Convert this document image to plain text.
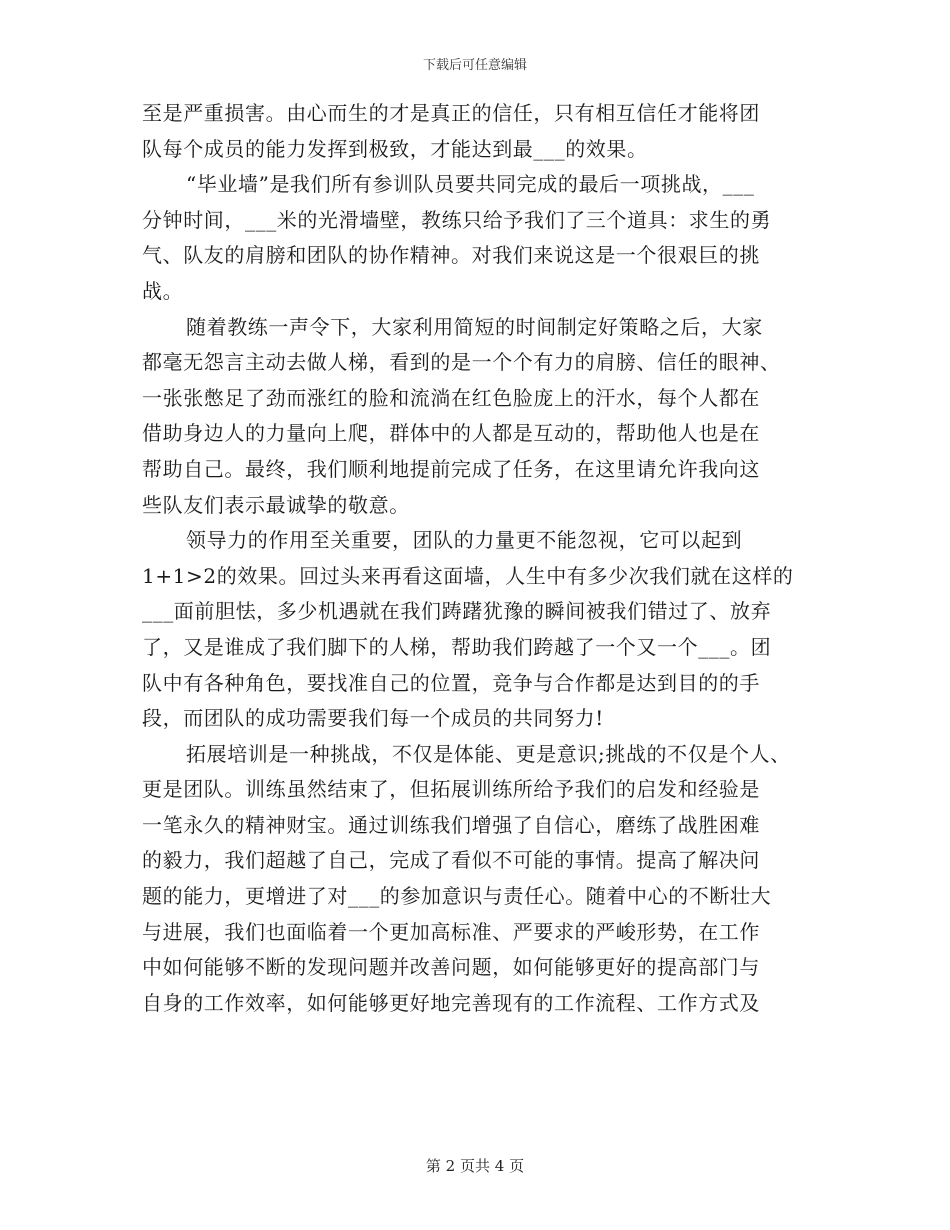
下载后可任意编辑
至是严重损害。由心而生的才是真正的信任，只有相互信任才能将团
队每个成员的能力发挥到极致，才能达到最___的效果。
“毕业墙”是我们所有参训队员要共同完成的最后一项挑战，___
分钟时间，___米的光滑墙壁，教练只给予我们了三个道具：求生的勇
气、队友的肩膀和团队的协作精神。对我们来说这是一个很艰巨的挑
战。
随着教练一声令下，大家利用简短的时间制定好策略之后，大家
都毫无怨言主动去做人梯，看到的是一个个有力的肩膀、信任的眼神、
一张张憋足了劲而涨红的脸和流淌在红色脸庞上的汗水，每个人都在
借助身边人的力量向上爬，群体中的人都是互动的，帮助他人也是在
帮助自己。最终，我们顺利地提前完成了任务，在这里请允许我向这
些队友们表示最诚挚的敬意。
领导力的作用至关重要，团队的力量更不能忽视，它可以起到
1+1>2的效果。回过头来再看这面墙，人生中有多少次我们就在这样的
___面前胆怯，多少机遇就在我们踌躇犹豫的瞬间被我们错过了、放弃
了，又是谁成了我们脚下的人梯，帮助我们跨越了一个又一个___。团
队中有各种角色，要找准自己的位置，竞争与合作都是达到目的的手
段，而团队的成功需要我们每一个成员的共同努力!
拓展培训是一种挑战，不仅是体能、更是意识;挑战的不仅是个人、
更是团队。训练虽然结束了，但拓展训练所给予我们的启发和经验是
一笔永久的精神财宝。通过训练我们增强了自信心，磨练了战胜困难
的毅力，我们超越了自己，完成了看似不可能的事情。提高了解决问
题的能力，更增进了对___的参加意识与责任心。随着中心的不断壮大
与进展，我们也面临着一个更加高标准、严要求的严峻形势，在工作
中如何能够不断的发现问题并改善问题，如何能够更好的提高部门与
自身的工作效率，如何能够更好地完善现有的工作流程、工作方式及
第 2 页共 4 页
